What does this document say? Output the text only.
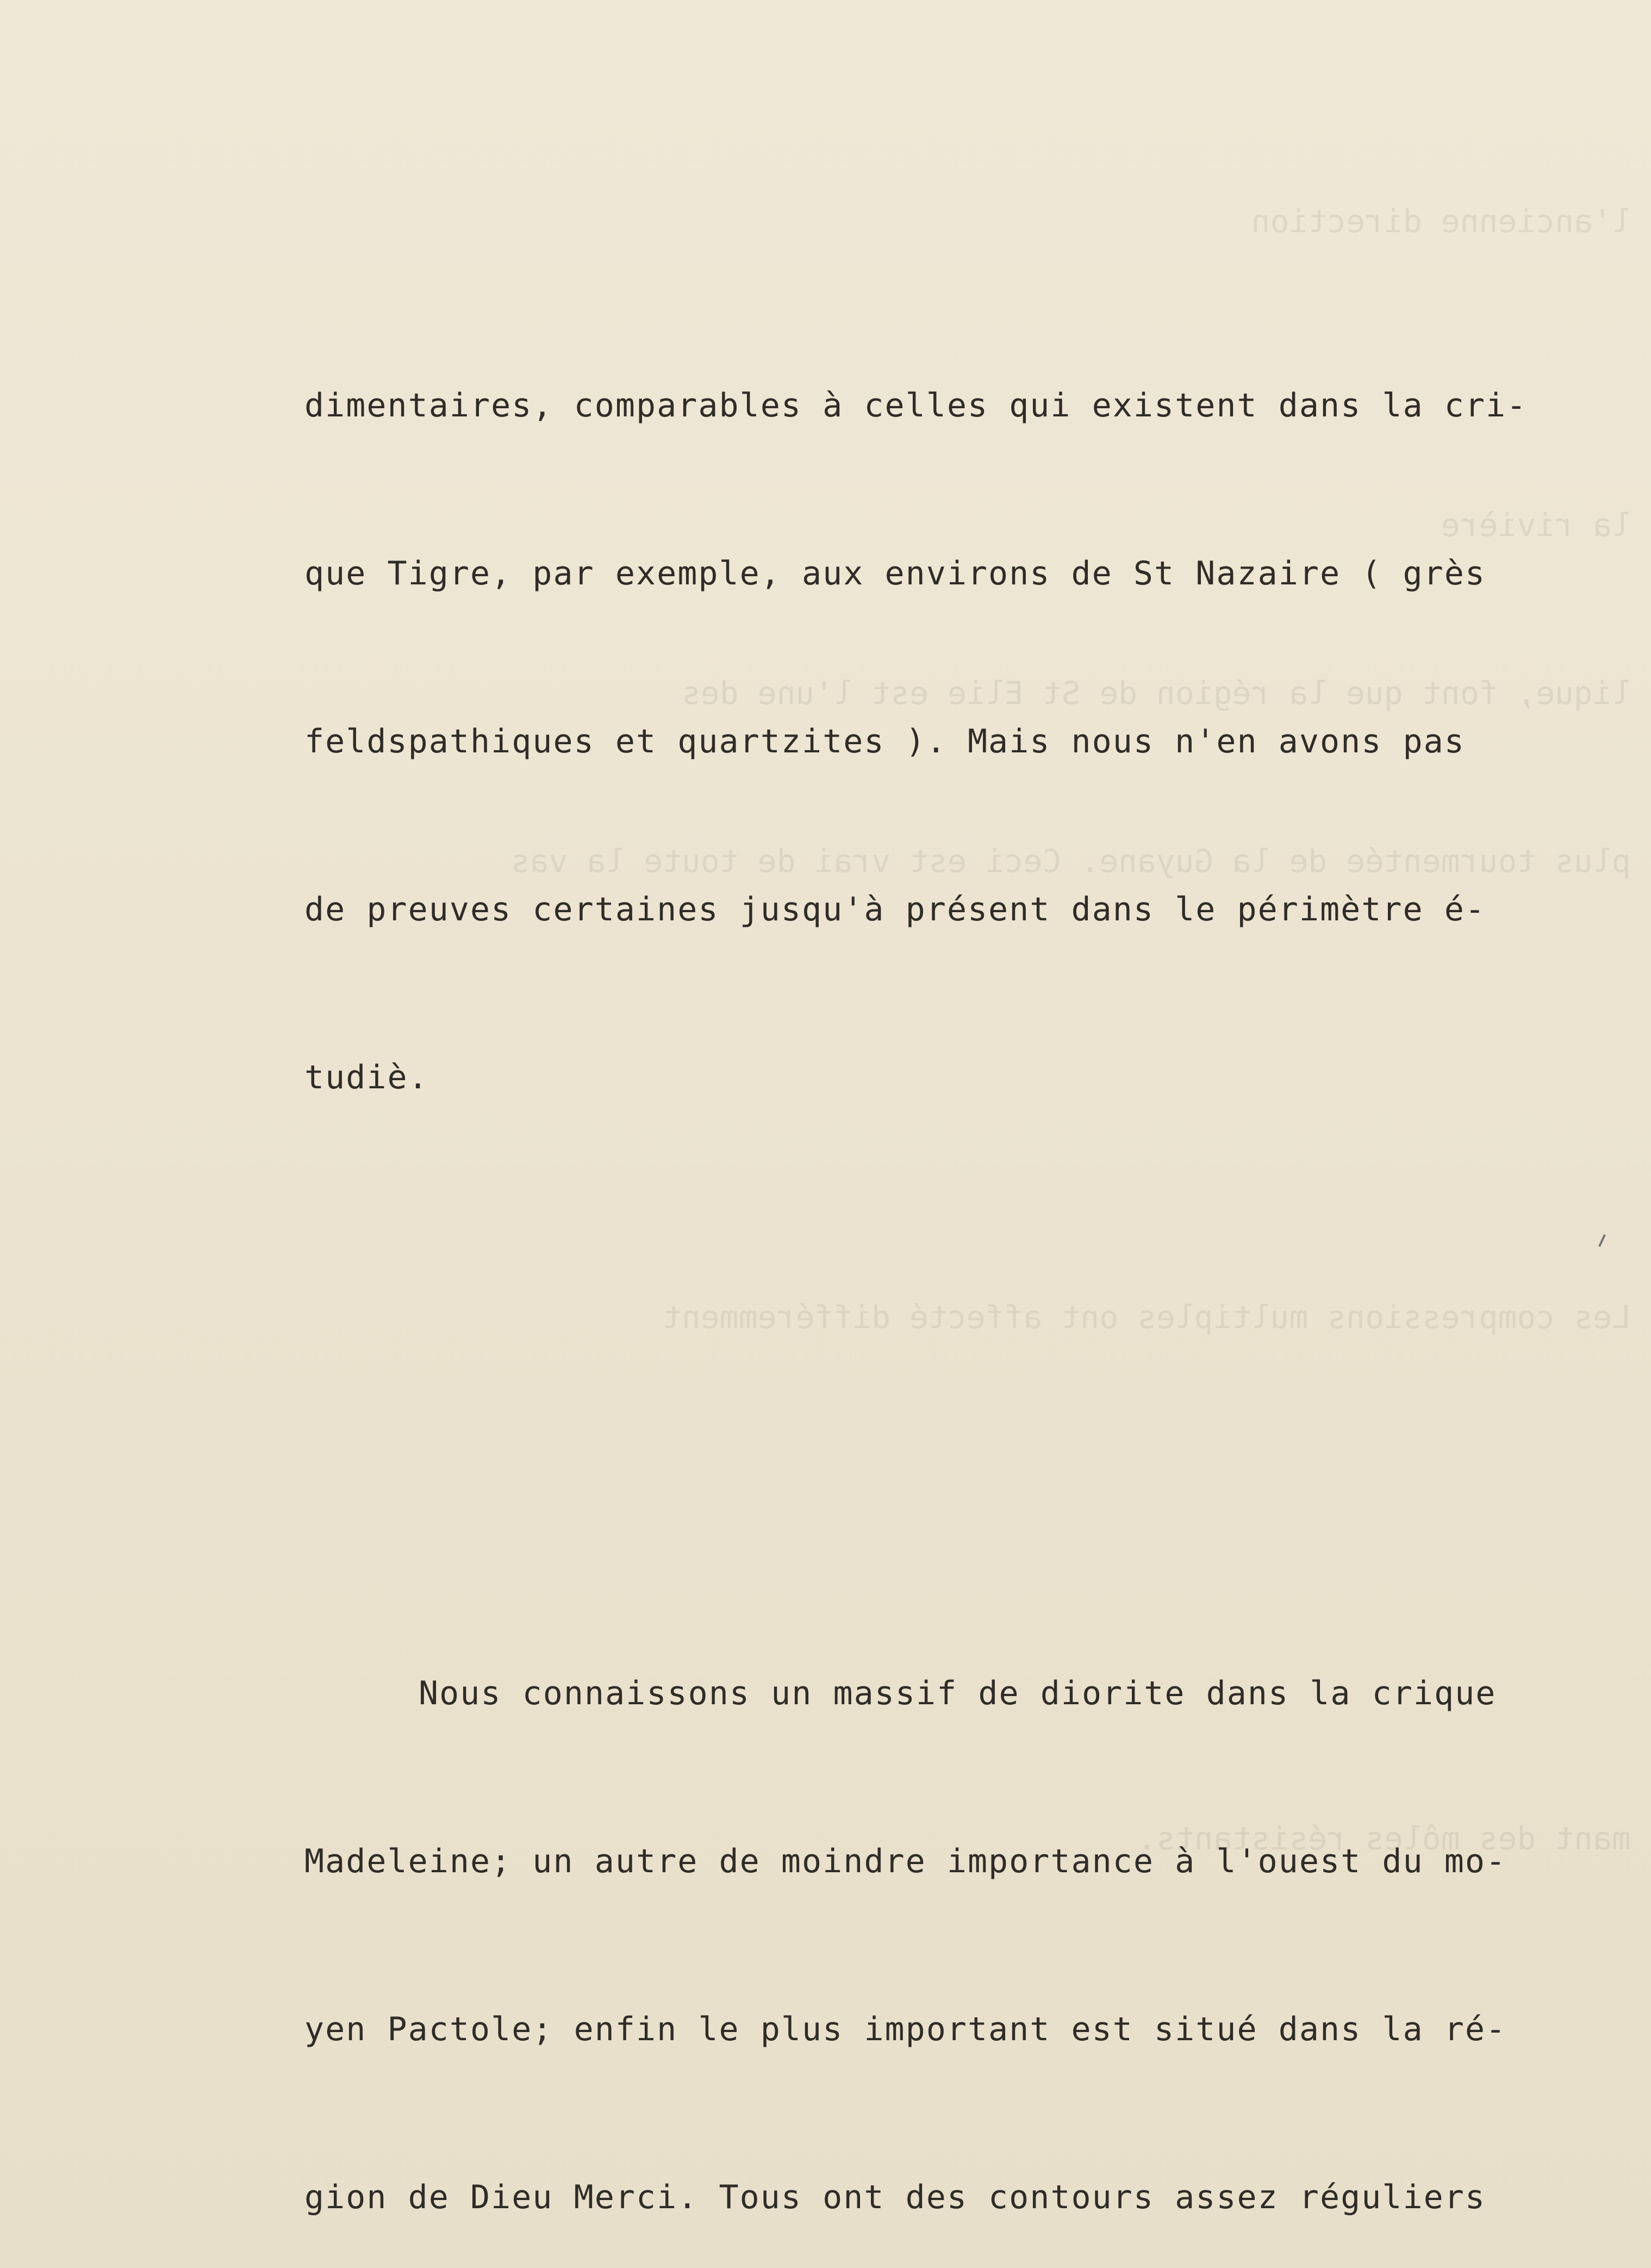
l'ancienne direction

la rivière

lique, font que la région de St Elie est l'une des

plus tourmentée de la Guyane. Ceci est vrai de toute la vas

Les compressions multiples ont affecté différemment

mant des môles résistants.

dimentaires, comparables à celles qui existent dans la cri-

que Tigre, par exemple, aux environs de St Nazaire ( grès

feldspathiques et quartzites ). Mais nous n'en avons pas

de preuves certaines jusqu'à présent dans le périmètre é-

tudiè.

Nous connaissons un massif de diorite dans la crique

Madeleine; un autre de moindre importance à l'ouest du mo-

yen Pactole; enfin le plus important est situé dans la ré-

gion de Dieu Merci. Tous ont des contours assez réguliers
